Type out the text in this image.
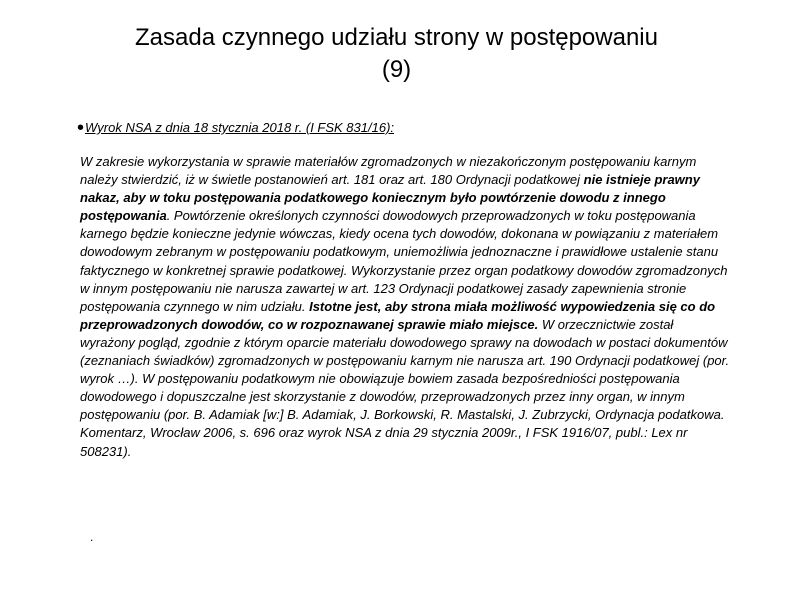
Zasada czynnego udziału strony w postępowaniu
(9)
•Wyrok NSA z dnia 18 stycznia 2018 r. (I FSK 831/16):

W zakresie wykorzystania w sprawie materiałów zgromadzonych w niezakończonym postępowaniu karnym należy stwierdzić, iż w świetle postanowień art. 181 oraz art. 180 Ordynacji podatkowej nie istnieje prawny nakaz, aby w toku postępowania podatkowego koniecznym było powtórzenie dowodu z innego postępowania. Powtórzenie określonych czynności dowodowych przeprowadzonych w toku postępowania karnego będzie konieczne jedynie wówczas, kiedy ocena tych dowodów, dokonana w powiązaniu z materiałem dowodowym zebranym w postępowaniu podatkowym, uniemożliwia jednoznaczne i prawidłowe ustalenie stanu faktycznego w konkretnej sprawie podatkowej. Wykorzystanie przez organ podatkowy dowodów zgromadzonych w innym postępowaniu nie narusza zawartej w art. 123 Ordynacji podatkowej zasady zapewnienia stronie postępowania czynnego w nim udziału. Istotne jest, aby strona miała możliwość wypowiedzenia się co do przeprowadzonych dowodów, co w rozpoznawanej sprawie miało miejsce. W orzecznictwie został wyrażony pogląd, zgodnie z którym oparcie materiału dowodowego sprawy na dowodach w postaci dokumentów (zeznaniach świadków) zgromadzonych w postępowaniu karnym nie narusza art. 190 Ordynacji podatkowej (por. wyrok …). W postępowaniu podatkowym nie obowiązuje bowiem zasada bezpośredniości postępowania dowodowego i dopuszczalne jest skorzystanie z dowodów, przeprowadzonych przez inny organ, w innym postępowaniu (por. B. Adamiak [w:] B. Adamiak, J. Borkowski, R. Mastalski, J. Zubrzycki, Ordynacja podatkowa. Komentarz, Wrocław 2006, s. 696 oraz wyrok NSA z dnia 29 stycznia 2009r., I FSK 1916/07, publ.: Lex nr 508231).

.
